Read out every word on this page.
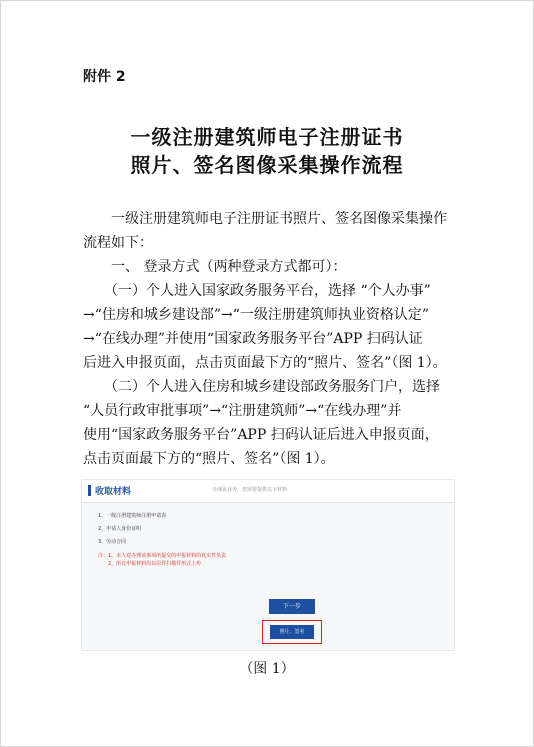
附件 2
一级注册建筑师电子注册证书
照片、签名图像采集操作流程
　　一级注册建筑师电子注册证书照片、签名图像采集操作
流程如下：
　　一、 登录方式（两种登录方式都可）：
　　（一）个人进入国家政务服务平台，选择 “个人办事”
→“住房和城乡建设部”→“一级注册建筑师执业资格认定”
→“在线办理”并使用“国家政务服务平台”APP 扫码认证
后进入申报页面，点击页面最下方的“照片、签名”（图 1）。
　　（二）个人进入住房和城乡建设部政务服务门户，选择
“人员行政审批事项”→“注册建筑师”→“在线办理”并
使用“国家政务服务平台”APP 扫码认证后进入申报页面，
点击页面最下方的“照片、签名”（图 1）。
收取材料	办理该业务，您需要提供以下材料
1、一级注册建筑师注册申请表
2、申请人身份证明
3、劳动合同
注：1、本人对办理该事项所提交的申报材料的真实性负责
　　2、所有申报材料均以原件扫描件形式上传
下一步
照片、签名
（图 1）
